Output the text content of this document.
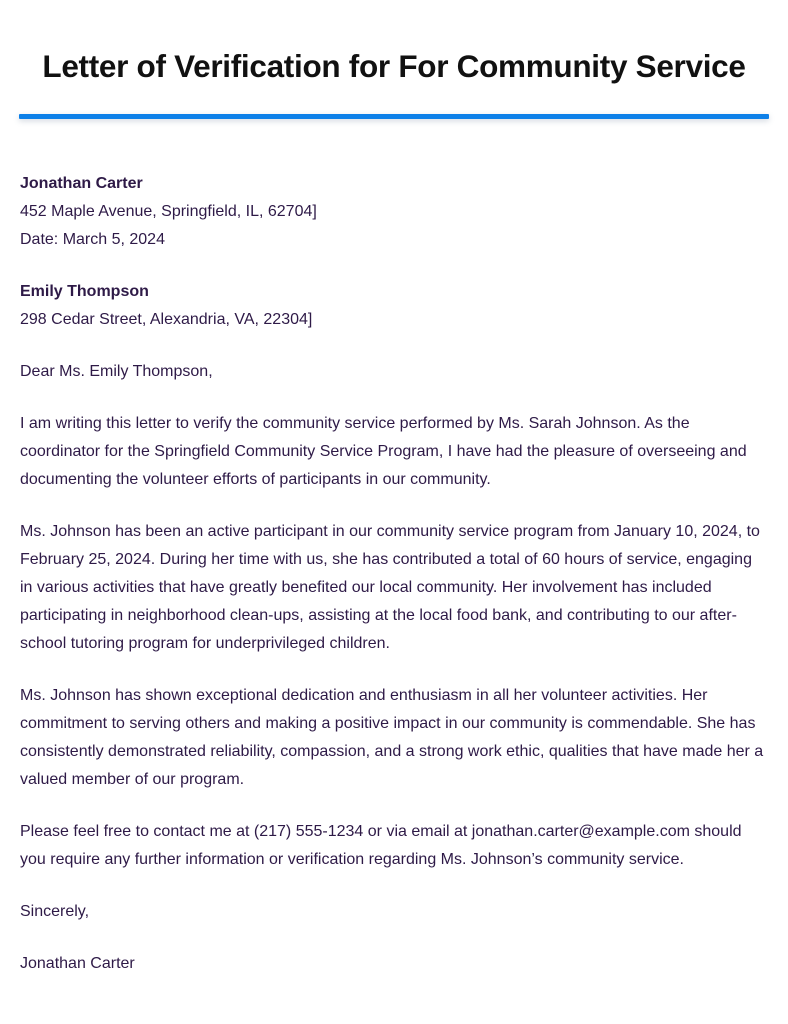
Letter of Verification for For Community Service
Jonathan Carter
452 Maple Avenue, Springfield, IL, 62704]
Date: March 5, 2024
Emily Thompson
298 Cedar Street, Alexandria, VA, 22304]

Dear Ms. Emily Thompson,

I am writing this letter to verify the community service performed by Ms. Sarah Johnson. As the coordinator for the Springfield Community Service Program, I have had the pleasure of overseeing and documenting the volunteer efforts of participants in our community.

Ms. Johnson has been an active participant in our community service program from January 10, 2024, to February 25, 2024. During her time with us, she has contributed a total of 60 hours of service, engaging in various activities that have greatly benefited our local community. Her involvement has included participating in neighborhood clean-ups, assisting at the local food bank, and contributing to our after-school tutoring program for underprivileged children.

Ms. Johnson has shown exceptional dedication and enthusiasm in all her volunteer activities. Her commitment to serving others and making a positive impact in our community is commendable. She has consistently demonstrated reliability, compassion, and a strong work ethic, qualities that have made her a valued member of our program.

Please feel free to contact me at (217) 555-1234 or via email at jonathan.carter@example.com should you require any further information or verification regarding Ms. Johnson’s community service.

Sincerely,

Jonathan Carter
